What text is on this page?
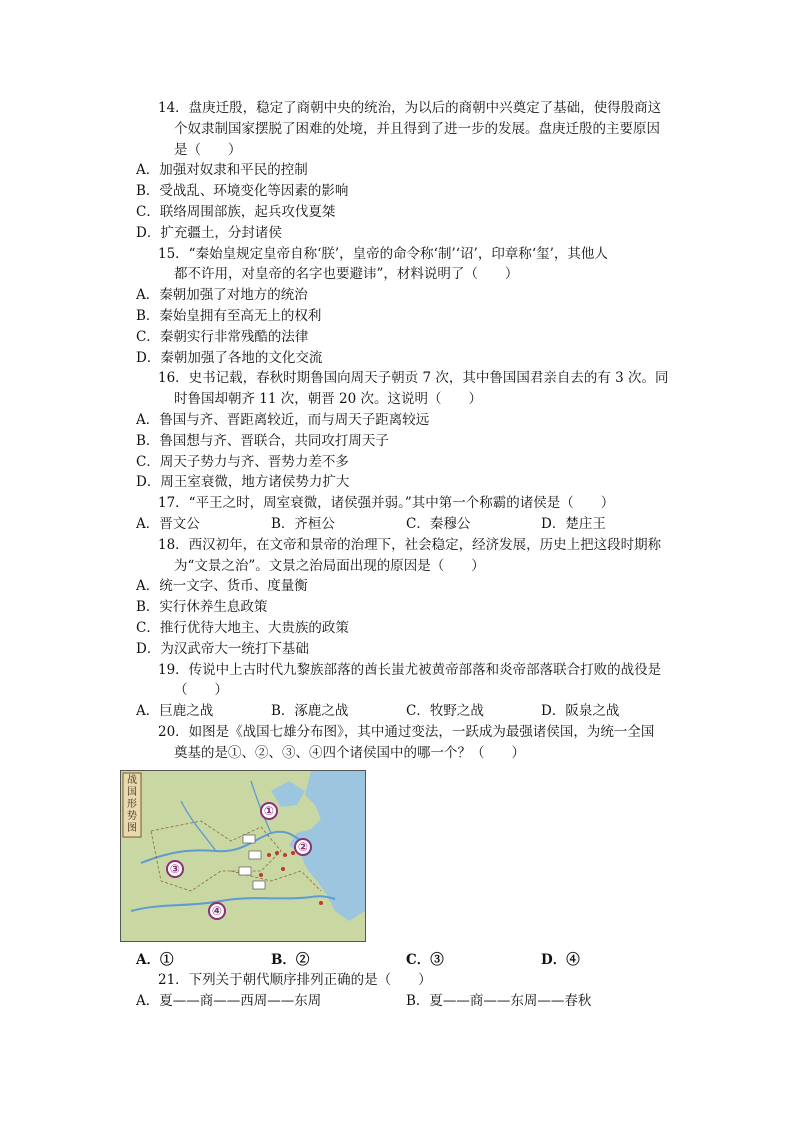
14．盘庚迁殷，稳定了商朝中央的统治，为以后的商朝中兴奠定了基础，使得殷商这
个奴隶制国家摆脱了困难的处境，并且得到了进一步的发展。盘庚迁殷的主要原因
是（　　）
A．加强对奴隶和平民的控制
B．受战乱、环境变化等因素的影响
C．联络周围部族，起兵攻伐夏桀
D．扩充疆土，分封诸侯
15．“秦始皇规定皇帝自称‘朕’，皇帝的命令称‘制’‘诏’，印章称‘玺’，其他人
都不许用，对皇帝的名字也要避讳”，材料说明了（　　）
A．秦朝加强了对地方的统治
B．秦始皇拥有至高无上的权利
C．秦朝实行非常残酷的法律
D．秦朝加强了各地的文化交流
16．史书记载，春秋时期鲁国向周天子朝贡 7 次，其中鲁国国君亲自去的有 3 次。同
时鲁国却朝齐 11 次，朝晋 20 次。这说明（　　）
A．鲁国与齐、晋距离较近，而与周天子距离较远
B．鲁国想与齐、晋联合，共同攻打周天子
C．周天子势力与齐、晋势力差不多
D．周王室衰微，地方诸侯势力扩大
17．“平王之时，周室衰微，诸侯强并弱。”其中第一个称霸的诸侯是（　　）
A．晋文公	B．齐桓公	C．秦穆公	D．楚庄王
18．西汉初年，在文帝和景帝的治理下，社会稳定，经济发展，历史上把这段时期称
为“文景之治”。文景之治局面出现的原因是（　　）
A．统一文字、货币、度量衡
B．实行休养生息政策
C．推行优待大地主、大贵族的政策
D．为汉武帝大一统打下基础
19．传说中上古时代九黎族部落的酋长蚩尤被黄帝部落和炎帝部落联合打败的战役是
（　　）
A．巨鹿之战	B．涿鹿之战	C．牧野之战	D．阪泉之战
20．如图是《战国七雄分布图》，其中通过变法，一跃成为最强诸侯国，为统一全国
奠基的是①、②、③、④四个诸侯国中的哪一个？（　　）
战国形势图
①
②
③
④
A．①	B．②	C．③	D．④
21．下列关于朝代顺序排列正确的是（　　）
A．夏——商——西周——东周	B．夏——商——东周——春秋
